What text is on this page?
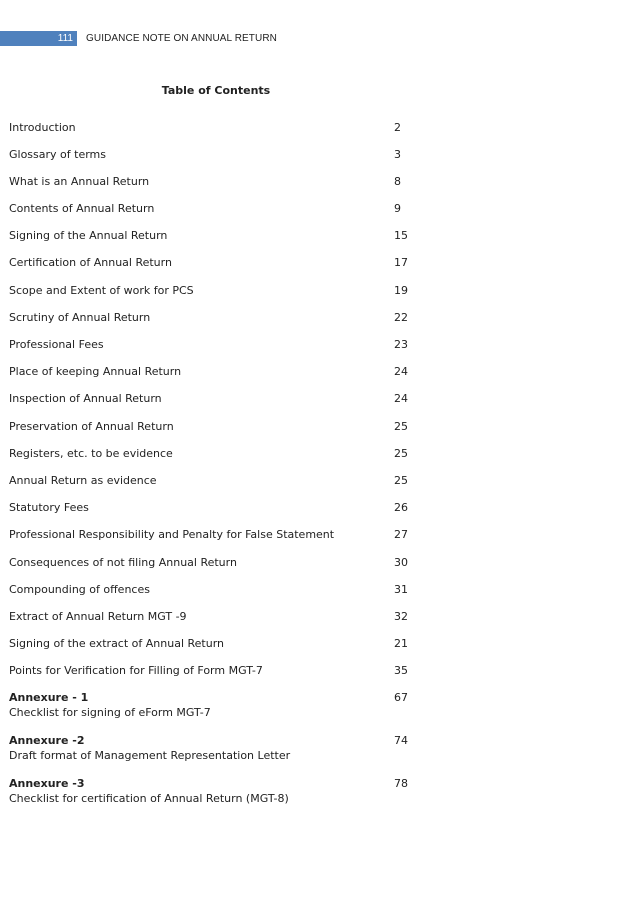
111 GUIDANCE NOTE ON ANNUAL RETURN
Table of Contents
Introduction	2
Glossary of terms	3
What is an Annual Return	8
Contents of Annual Return	9
Signing of the Annual Return	15
Certification of Annual Return	17
Scope and Extent of work for PCS	19
Scrutiny of Annual Return	22
Professional Fees	23
Place of keeping Annual Return	24
Inspection of Annual Return	24
Preservation of Annual Return	25
Registers, etc. to be evidence	25
Annual Return as evidence	25
Statutory Fees	26
Professional Responsibility and Penalty for False Statement	27
Consequences of not filing Annual Return	30
Compounding of offences	31
Extract of Annual Return MGT -9	32
Signing of the extract of Annual Return	21
Points for Verification for Filling of Form MGT-7	35
Annexure - 1	67
Checklist for signing of eForm MGT-7
Annexure -2	74
Draft format of Management Representation Letter
Annexure -3	78
Checklist for certification of Annual Return (MGT-8)
